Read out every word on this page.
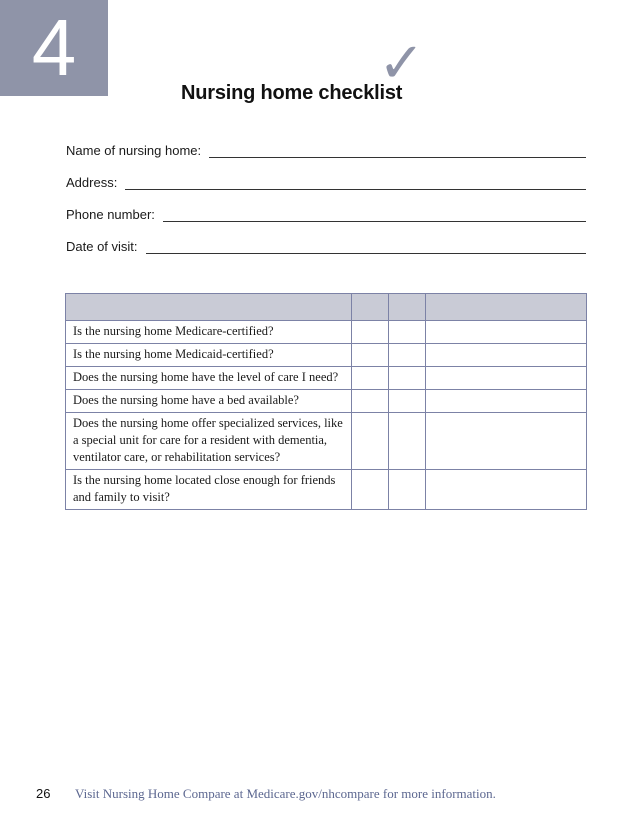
4	✓
Nursing home checklist
Name of nursing home:
Address:
Phone number:
Date of visit:

Is the nursing home Medicare-certified?			
Is the nursing home Medicaid-certified?			
Does the nursing home have the level of care I need?			
Does the nursing home have a bed available?			
Does the nursing home offer specialized services, like a special unit for care for a resident with dementia, ventilator care, or rehabilitation services?			
Is the nursing home located close enough for friends and family to visit?			
26 Visit Nursing Home Compare at Medicare.gov/nhcompare for more information.
